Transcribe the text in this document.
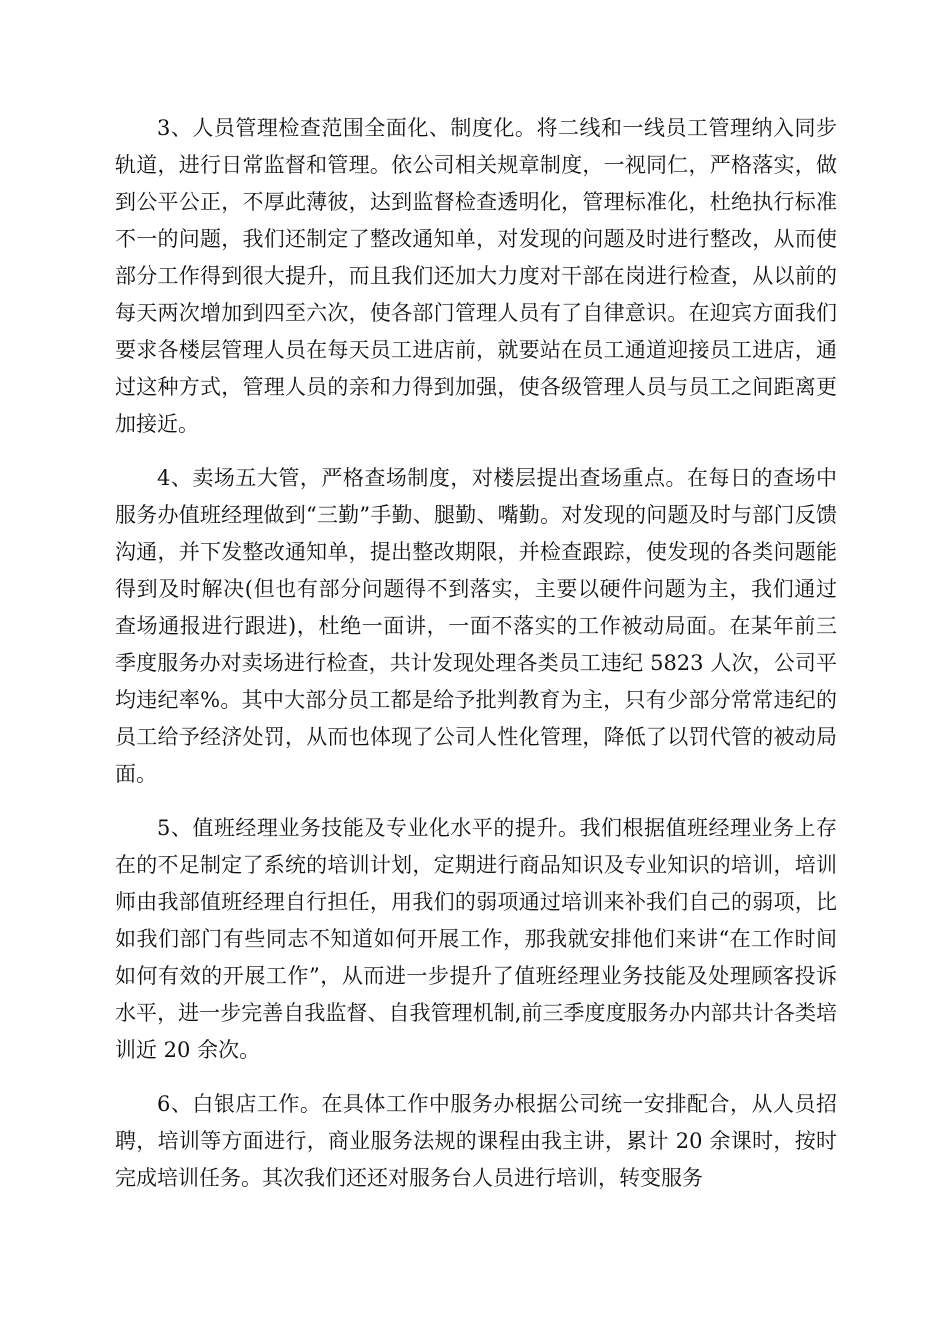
3、人员管理检查范围全面化、制度化。将二线和一线员工管理纳入同步轨道，进行日常监督和管理。依公司相关规章制度，一视同仁，严格落实，做到公平公正，不厚此薄彼，达到监督检查透明化，管理标准化，杜绝执行标准不一的问题，我们还制定了整改通知单，对发现的问题及时进行整改，从而使部分工作得到很大提升，而且我们还加大力度对干部在岗进行检查，从以前的每天两次增加到四至六次，使各部门管理人员有了自律意识。在迎宾方面我们要求各楼层管理人员在每天员工进店前，就要站在员工通道迎接员工进店，通过这种方式，管理人员的亲和力得到加强，使各级管理人员与员工之间距离更加接近。

4、卖场五大管，严格查场制度，对楼层提出查场重点。在每日的查场中服务办值班经理做到“三勤”手勤、腿勤、嘴勤。对发现的问题及时与部门反馈沟通，并下发整改通知单，提出整改期限，并检查跟踪，使发现的各类问题能得到及时解决(但也有部分问题得不到落实，主要以硬件问题为主，我们通过查场通报进行跟进)，杜绝一面讲，一面不落实的工作被动局面。在某年前三季度服务办对卖场进行检查，共计发现处理各类员工违纪 5823 人次，公司平均违纪率%。其中大部分员工都是给予批判教育为主，只有少部分常常违纪的员工给予经济处罚，从而也体现了公司人性化管理，降低了以罚代管的被动局面。

5、值班经理业务技能及专业化水平的提升。我们根据值班经理业务上存在的不足制定了系统的培训计划，定期进行商品知识及专业知识的培训，培训师由我部值班经理自行担任，用我们的弱项通过培训来补我们自己的弱项，比如我们部门有些同志不知道如何开展工作，那我就安排他们来讲“在工作时间如何有效的开展工作”，从而进一步提升了值班经理业务技能及处理顾客投诉水平，进一步完善自我监督、自我管理机制,前三季度度服务办内部共计各类培训近 20 余次。

6、白银店工作。在具体工作中服务办根据公司统一安排配合，从人员招聘，培训等方面进行，商业服务法规的课程由我主讲，累计 20 余课时，按时完成培训任务。其次我们还还对服务台人员进行培训，转变服务
